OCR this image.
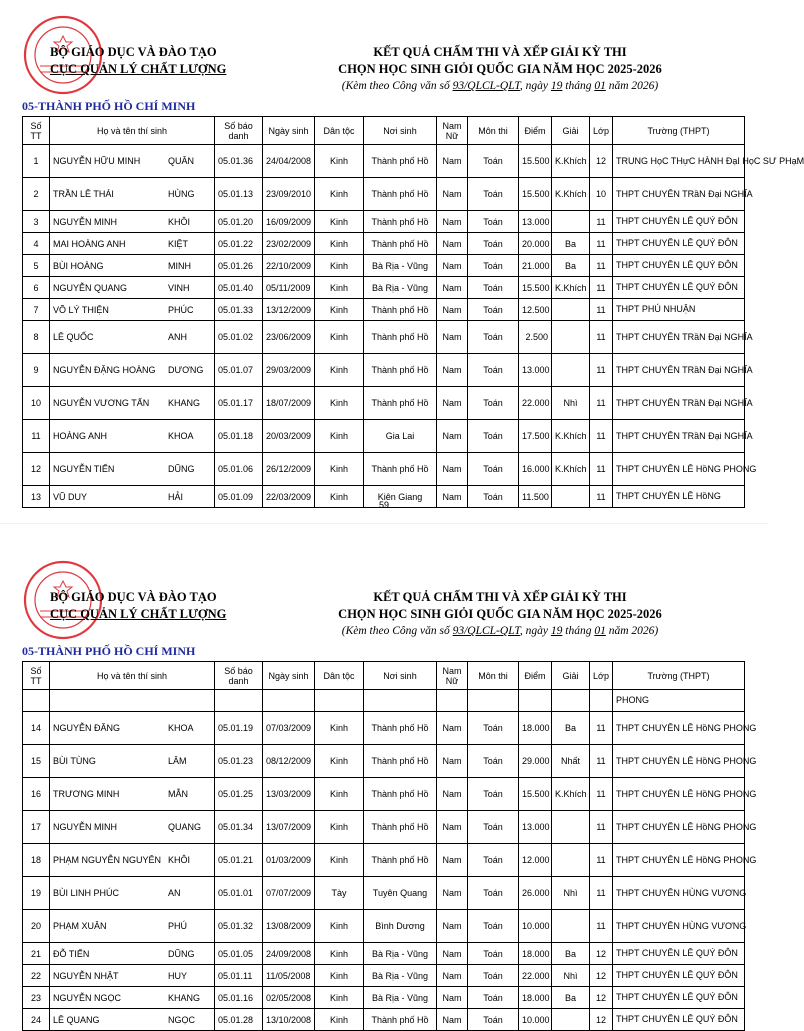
BỘ GIÁO DỤC VÀ ĐÀO TẠO
CỤC QUẢN LÝ CHẤT LƯỢNG
KẾT QUẢ CHẤM THI VÀ XẾP GIẢI KỲ THI
CHỌN HỌC SINH GIỎI QUỐC GIA NĂM HỌC 2025-2026
(Kèm theo Công văn số 93/QLCL-QLT, ngày 19 tháng 01 năm 2026)
05-THÀNH PHỐ HỒ CHÍ MINH
Số TT	Họ và tên thí sinh	Số báo danh	Ngày sinh	Dân tộc	Nơi sinh	Nam Nữ	Môn thi	Điểm	Giải	Lớp	Trường (THPT)
1	NGUYỄN HỮU MINH QUÂN	05.01.36	24/04/2008	Kinh	Thành phố Hồ	Nam	Toán	15.500	K.Khích	12	TRUNG HọC THựC HÀNH ĐạI HọC SƯ PHạM
2	TRẦN LÊ THÁI HÙNG	05.01.13	23/09/2010	Kinh	Thành phố Hồ	Nam	Toán	15.500	K.Khích	10	THPT CHUYÊN TRầN Đại NGHĨA
3	NGUYỄN MINH KHÔI	05.01.20	16/09/2009	Kinh	Thành phố Hồ	Nam	Toán	13.000		11	THPT CHUYÊN LÊ QUÝ ĐÔN
4	MAI HOÀNG ANH KIỆT	05.01.22	23/02/2009	Kinh	Thành phố Hồ	Nam	Toán	20.000	Ba	11	THPT CHUYÊN LÊ QUÝ ĐÔN
5	BÙI HOÀNG MINH	05.01.26	22/10/2009	Kinh	Bà Rịa - Vũng	Nam	Toán	21.000	Ba	11	THPT CHUYÊN LÊ QUÝ ĐÔN
6	NGUYỄN QUANG VINH	05.01.40	05/11/2009	Kinh	Bà Rịa - Vũng	Nam	Toán	15.500	K.Khích	11	THPT CHUYÊN LÊ QUÝ ĐÔN
7	VÕ LÝ THIỆN PHÚC	05.01.33	13/12/2009	Kinh	Thành phố Hồ	Nam	Toán	12.500		11	THPT PHÚ NHUẬN
8	LÊ QUỐC ANH	05.01.02	23/06/2009	Kinh	Thành phố Hồ	Nam	Toán	2.500		11	THPT CHUYÊN TRầN Đại NGHĨA
9	NGUYỄN ĐẶNG HOÀNG DƯƠNG	05.01.07	29/03/2009	Kinh	Thành phố Hồ	Nam	Toán	13.000		11	THPT CHUYÊN TRầN Đại NGHĨA
10	NGUYỄN VƯƠNG TẤN KHANG	05.01.17	18/07/2009	Kinh	Thành phố Hồ	Nam	Toán	22.000	Nhì	11	THPT CHUYÊN TRầN Đại NGHĨA
11	HOÀNG ANH KHOA	05.01.18	20/03/2009	Kinh	Gia Lai	Nam	Toán	17.500	K.Khích	11	THPT CHUYÊN TRầN Đại NGHĨA
12	NGUYỄN TIẾN DŨNG	05.01.06	26/12/2009	Kinh	Thành phố Hồ	Nam	Toán	16.000	K.Khích	11	THPT CHUYÊN LÊ HồNG PHONG
13	VŨ DUY HẢI	05.01.09	22/03/2009	Kinh	Kiên Giang	Nam	Toán	11.500		11	THPT CHUYÊN LÊ HồNG
59
BỘ GIÁO DỤC VÀ ĐÀO TẠO
CỤC QUẢN LÝ CHẤT LƯỢNG
KẾT QUẢ CHẤM THI VÀ XẾP GIẢI KỲ THI
CHỌN HỌC SINH GIỎI QUỐC GIA NĂM HỌC 2025-2026
(Kèm theo Công văn số 93/QLCL-QLT, ngày 19 tháng 01 năm 2026)
05-THÀNH PHỐ HỒ CHÍ MINH
Số TT	Họ và tên thí sinh	Số báo danh	Ngày sinh	Dân tộc	Nơi sinh	Nam Nữ	Môn thi	Điểm	Giải	Lớp	Trường (THPT)
											PHONG
14	NGUYỄN ĐĂNG KHOA	05.01.19	07/03/2009	Kinh	Thành phố Hồ	Nam	Toán	18.000	Ba	11	THPT CHUYÊN LÊ HồNG PHONG
15	BÙI TÙNG LÂM	05.01.23	08/12/2009	Kinh	Thành phố Hồ	Nam	Toán	29.000	Nhất	11	THPT CHUYÊN LÊ HồNG PHONG
16	TRƯƠNG MINH MẪN	05.01.25	13/03/2009	Kinh	Thành phố Hồ	Nam	Toán	15.500	K.Khích	11	THPT CHUYÊN LÊ HồNG PHONG
17	NGUYỄN MINH QUANG	05.01.34	13/07/2009	Kinh	Thành phố Hồ	Nam	Toán	13.000		11	THPT CHUYÊN LÊ HồNG PHONG
18	PHẠM NGUYỄN NGUYÊN KHÔI	05.01.21	01/03/2009	Kinh	Thành phố Hồ	Nam	Toán	12.000		11	THPT CHUYÊN LÊ HồNG PHONG
19	BÙI LINH PHÚC AN	05.01.01	07/07/2009	Tày	Tuyên Quang	Nam	Toán	26.000	Nhì	11	THPT CHUYÊN HÙNG VƯƠNG
20	PHẠM XUÂN PHÚ	05.01.32	13/08/2009	Kinh	Bình Dương	Nam	Toán	10.000		11	THPT CHUYÊN HÙNG VƯƠNG
21	ĐỖ TIẾN DŨNG	05.01.05	24/09/2008	Kinh	Bà Rịa - Vũng	Nam	Toán	18.000	Ba	12	THPT CHUYÊN LÊ QUÝ ĐÔN
22	NGUYỄN NHẬT HUY	05.01.11	11/05/2008	Kinh	Bà Rịa - Vũng	Nam	Toán	22.000	Nhì	12	THPT CHUYÊN LÊ QUÝ ĐÔN
23	NGUYỄN NGỌC KHANG	05.01.16	02/05/2008	Kinh	Bà Rịa - Vũng	Nam	Toán	18.000	Ba	12	THPT CHUYÊN LÊ QUÝ ĐÔN
24	LÊ QUANG NGỌC	05.01.28	13/10/2008	Kinh	Thành phố Hồ	Nam	Toán	10.000		12	THPT CHUYÊN LÊ QUÝ ĐÔN
